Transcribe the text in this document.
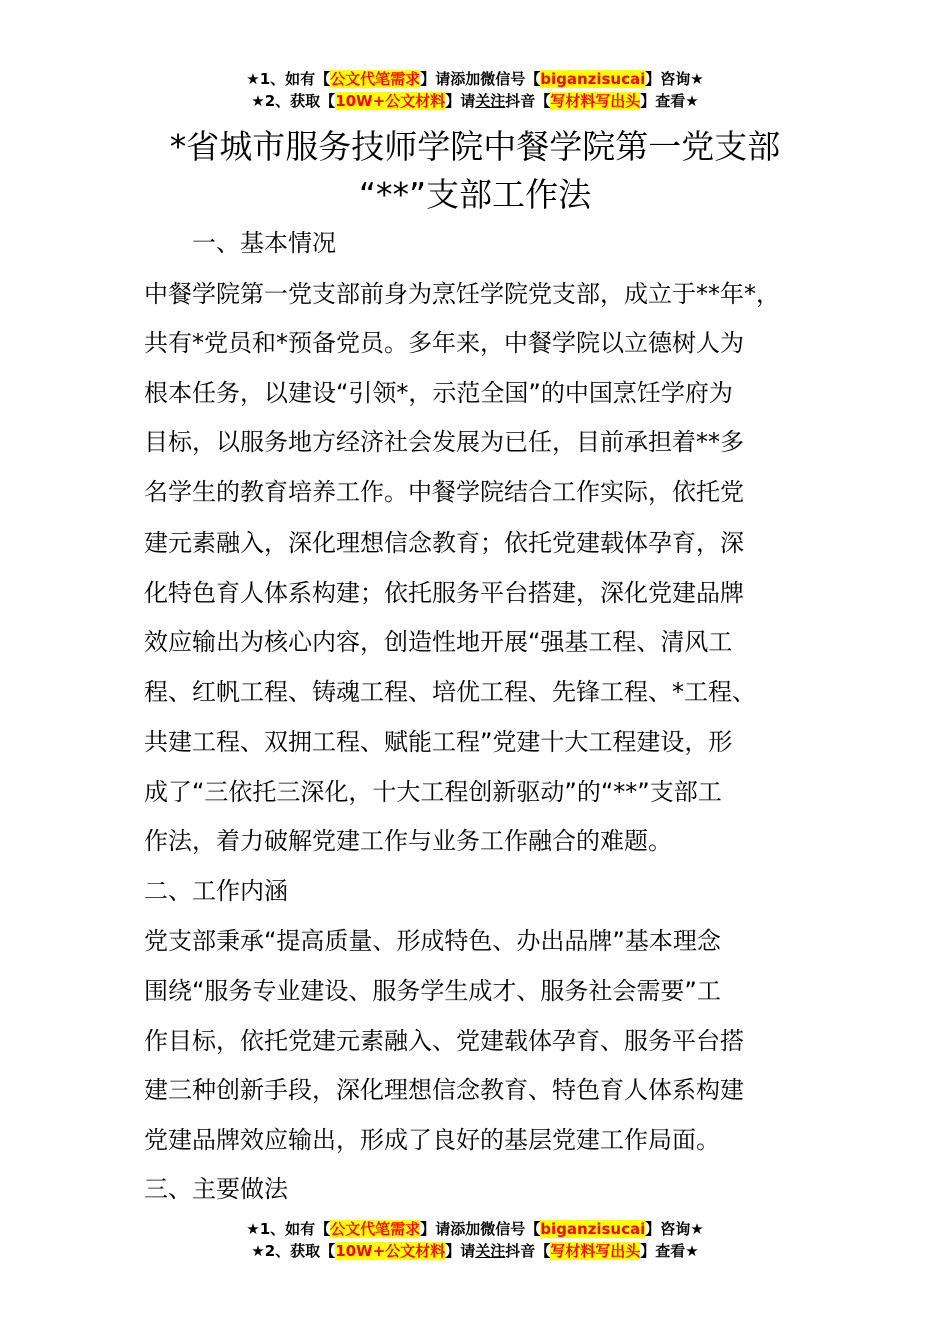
★1、如有【公文代笔需求】请添加微信号【biganzisucai】咨询★
★2、获取【10W+公文材料】请关注抖音【写材料写出头】查看★
*省城市服务技师学院中餐学院第一党支部
“**”支部工作法
一、基本情况
中餐学院第一党支部前身为烹饪学院党支部，成立于**年*，
共有*党员和*预备党员。多年来，中餐学院以立德树人为
根本任务，以建设“引领*，示范全国”的中国烹饪学府为
目标，以服务地方经济社会发展为已任，目前承担着**多
名学生的教育培养工作。中餐学院结合工作实际，依托党
建元素融入，深化理想信念教育；依托党建载体孕育，深
化特色育人体系构建；依托服务平台搭建，深化党建品牌
效应输出为核心内容，创造性地开展“强基工程、清风工
程、红帆工程、铸魂工程、培优工程、先锋工程、*工程、
共建工程、双拥工程、赋能工程”党建十大工程建设，形
成了“三依托三深化，十大工程创新驱动”的“**”支部工
作法，着力破解党建工作与业务工作融合的难题。
二、工作内涵
党支部秉承“提高质量、形成特色、办出品牌”基本理念
围绕“服务专业建设、服务学生成才、服务社会需要”工
作目标，依托党建元素融入、党建载体孕育、服务平台搭
建三种创新手段，深化理想信念教育、特色育人体系构建
党建品牌效应输出，形成了良好的基层党建工作局面。
三、主要做法
★1、如有【公文代笔需求】请添加微信号【biganzisucai】咨询★
★2、获取【10W+公文材料】请关注抖音【写材料写出头】查看★
